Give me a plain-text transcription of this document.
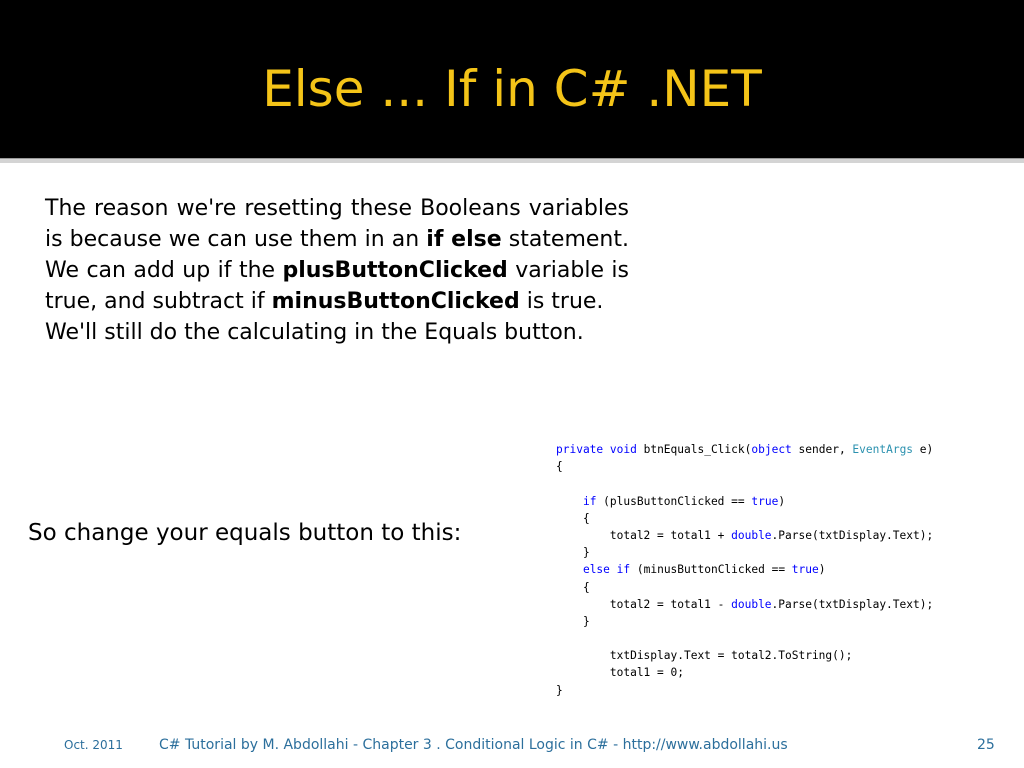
Else ... If in C# .NET

The reason we're resetting these Booleans variables is because we can use them in an if else statement. We can add up if the plusButtonClicked variable is true, and subtract if minusButtonClicked is true.

We'll still do the calculating in the Equals button.

So change your equals button to this:
private void btnEquals_Click(object sender, EventArgs e)
{
if (plusButtonClicked == true)
{
total2 = total1 + double.Parse(txtDisplay.Text);
}
else if (minusButtonClicked == true)
{
total2 = total1 - double.Parse(txtDisplay.Text);
}
txtDisplay.Text = total2.ToString();
total1 = 0;
}
Oct. 2011	C# Tutorial by M. Abdollahi - Chapter 3 . Conditional Logic in C# - http://www.abdollahi.us	25
